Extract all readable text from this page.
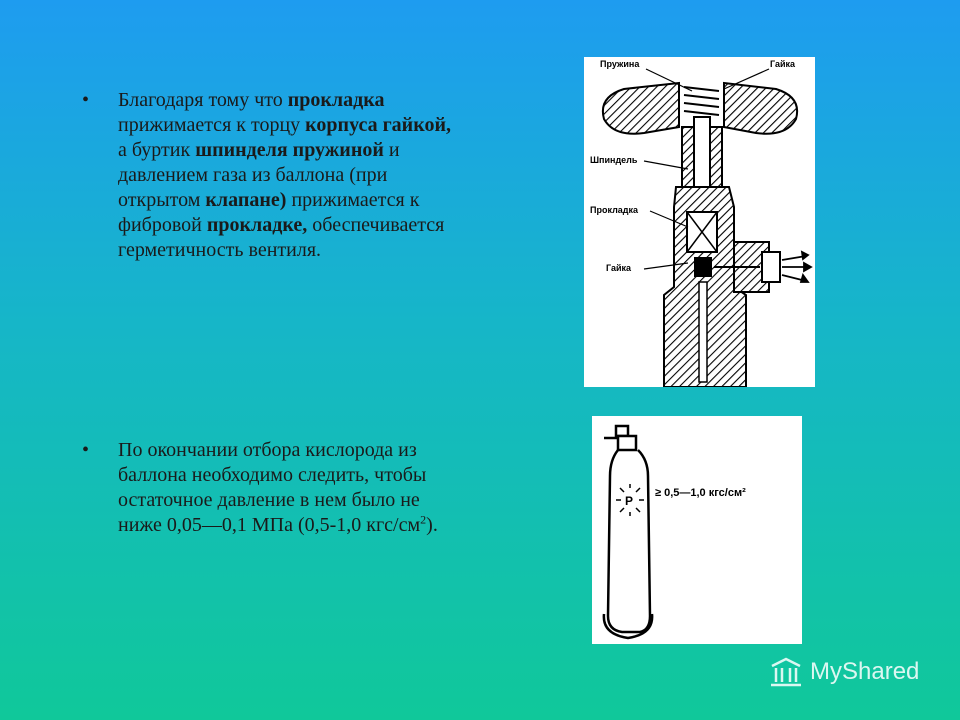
• Благодаря тому что прокладка прижимается к торцу корпуса гайкой, а буртик шпинделя пружиной и давлением газа из баллона (при открытом клапане) прижимается к фибровой прокладке, обеспечивается герметичность вентиля.
• По окончании отбора кислорода из баллона необходимо следить, чтобы остаточное давление в нем было не ниже 0,05—0,1 МПа (0,5-1,0 кгс/$см^2$).
Пружина	Гайка
Шпиндель
Прокладка
Гайка
P
≥ 0,5—1,0 кгс/см²
MyShared
